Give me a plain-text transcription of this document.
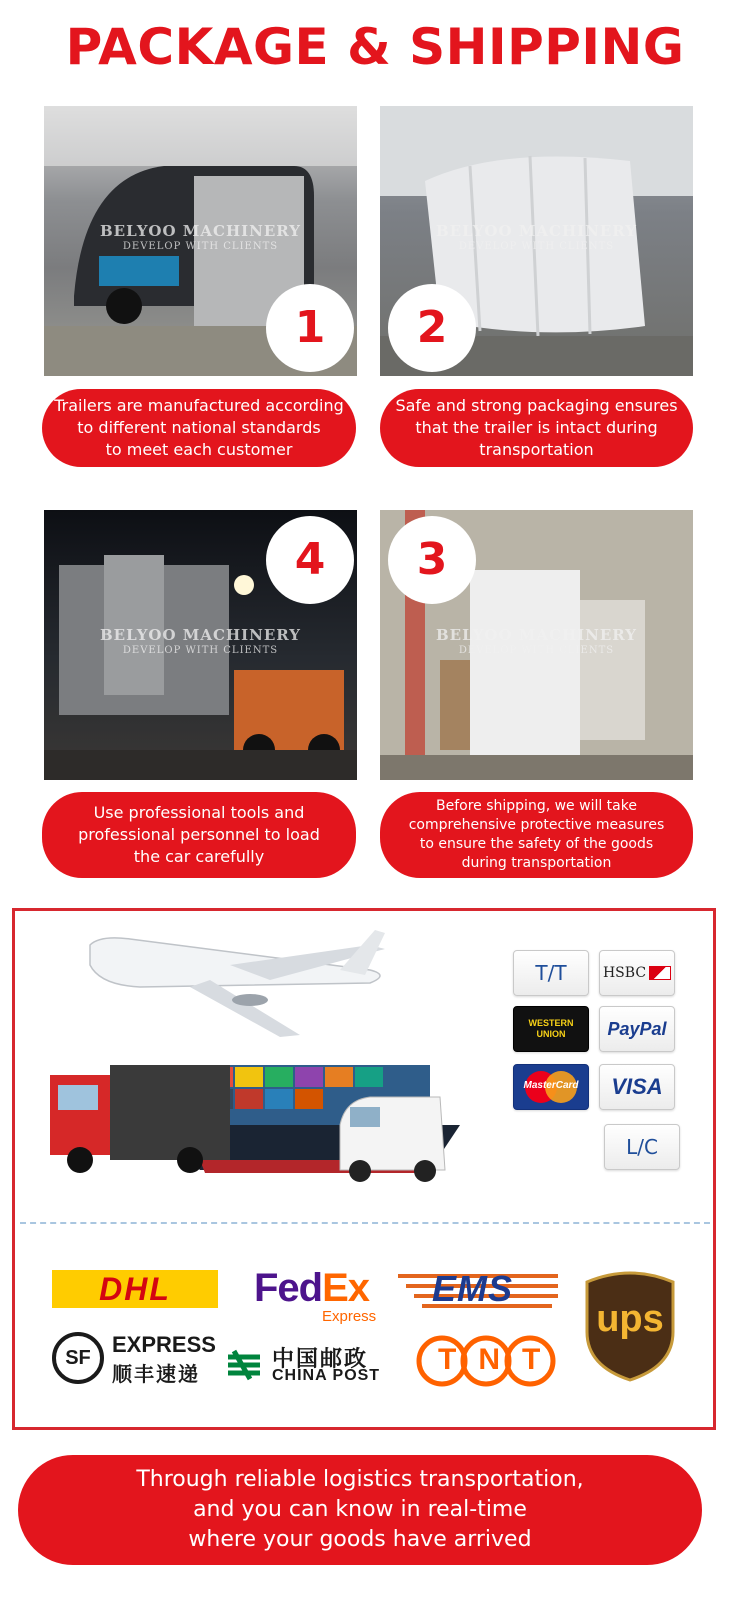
PACKAGE & SHIPPING
BELYOO MACHINERY
DEVELOP WITH CLIENTS
1
BELYOO MACHINERY
DEVELOP WITH CLIENTS
2
Trailers are manufactured according
to different national standards
to meet each customer
Safe and strong packaging ensures
that the trailer is intact during
transportation
BELYOO MACHINERY
DEVELOP WITH CLIENTS
4
BELYOO MACHINERY
DEVELOP WITH CLIENTS
3
Use professional tools and
professional personnel to load
the car carefully
Before shipping, we will take
comprehensive protective measures
to ensure the safety of the goods
during transportation
T/T	HSBC
WESTERN UNION	PayPal
MasterCard VISA
L/C
DHL FedEx
Express
EMS
ups
SF
EXPRESS
顺丰速递
中国邮政
CHINA POST	TNT
Through reliable logistics transportation,
and you can know in real-time
where your goods have arrived
